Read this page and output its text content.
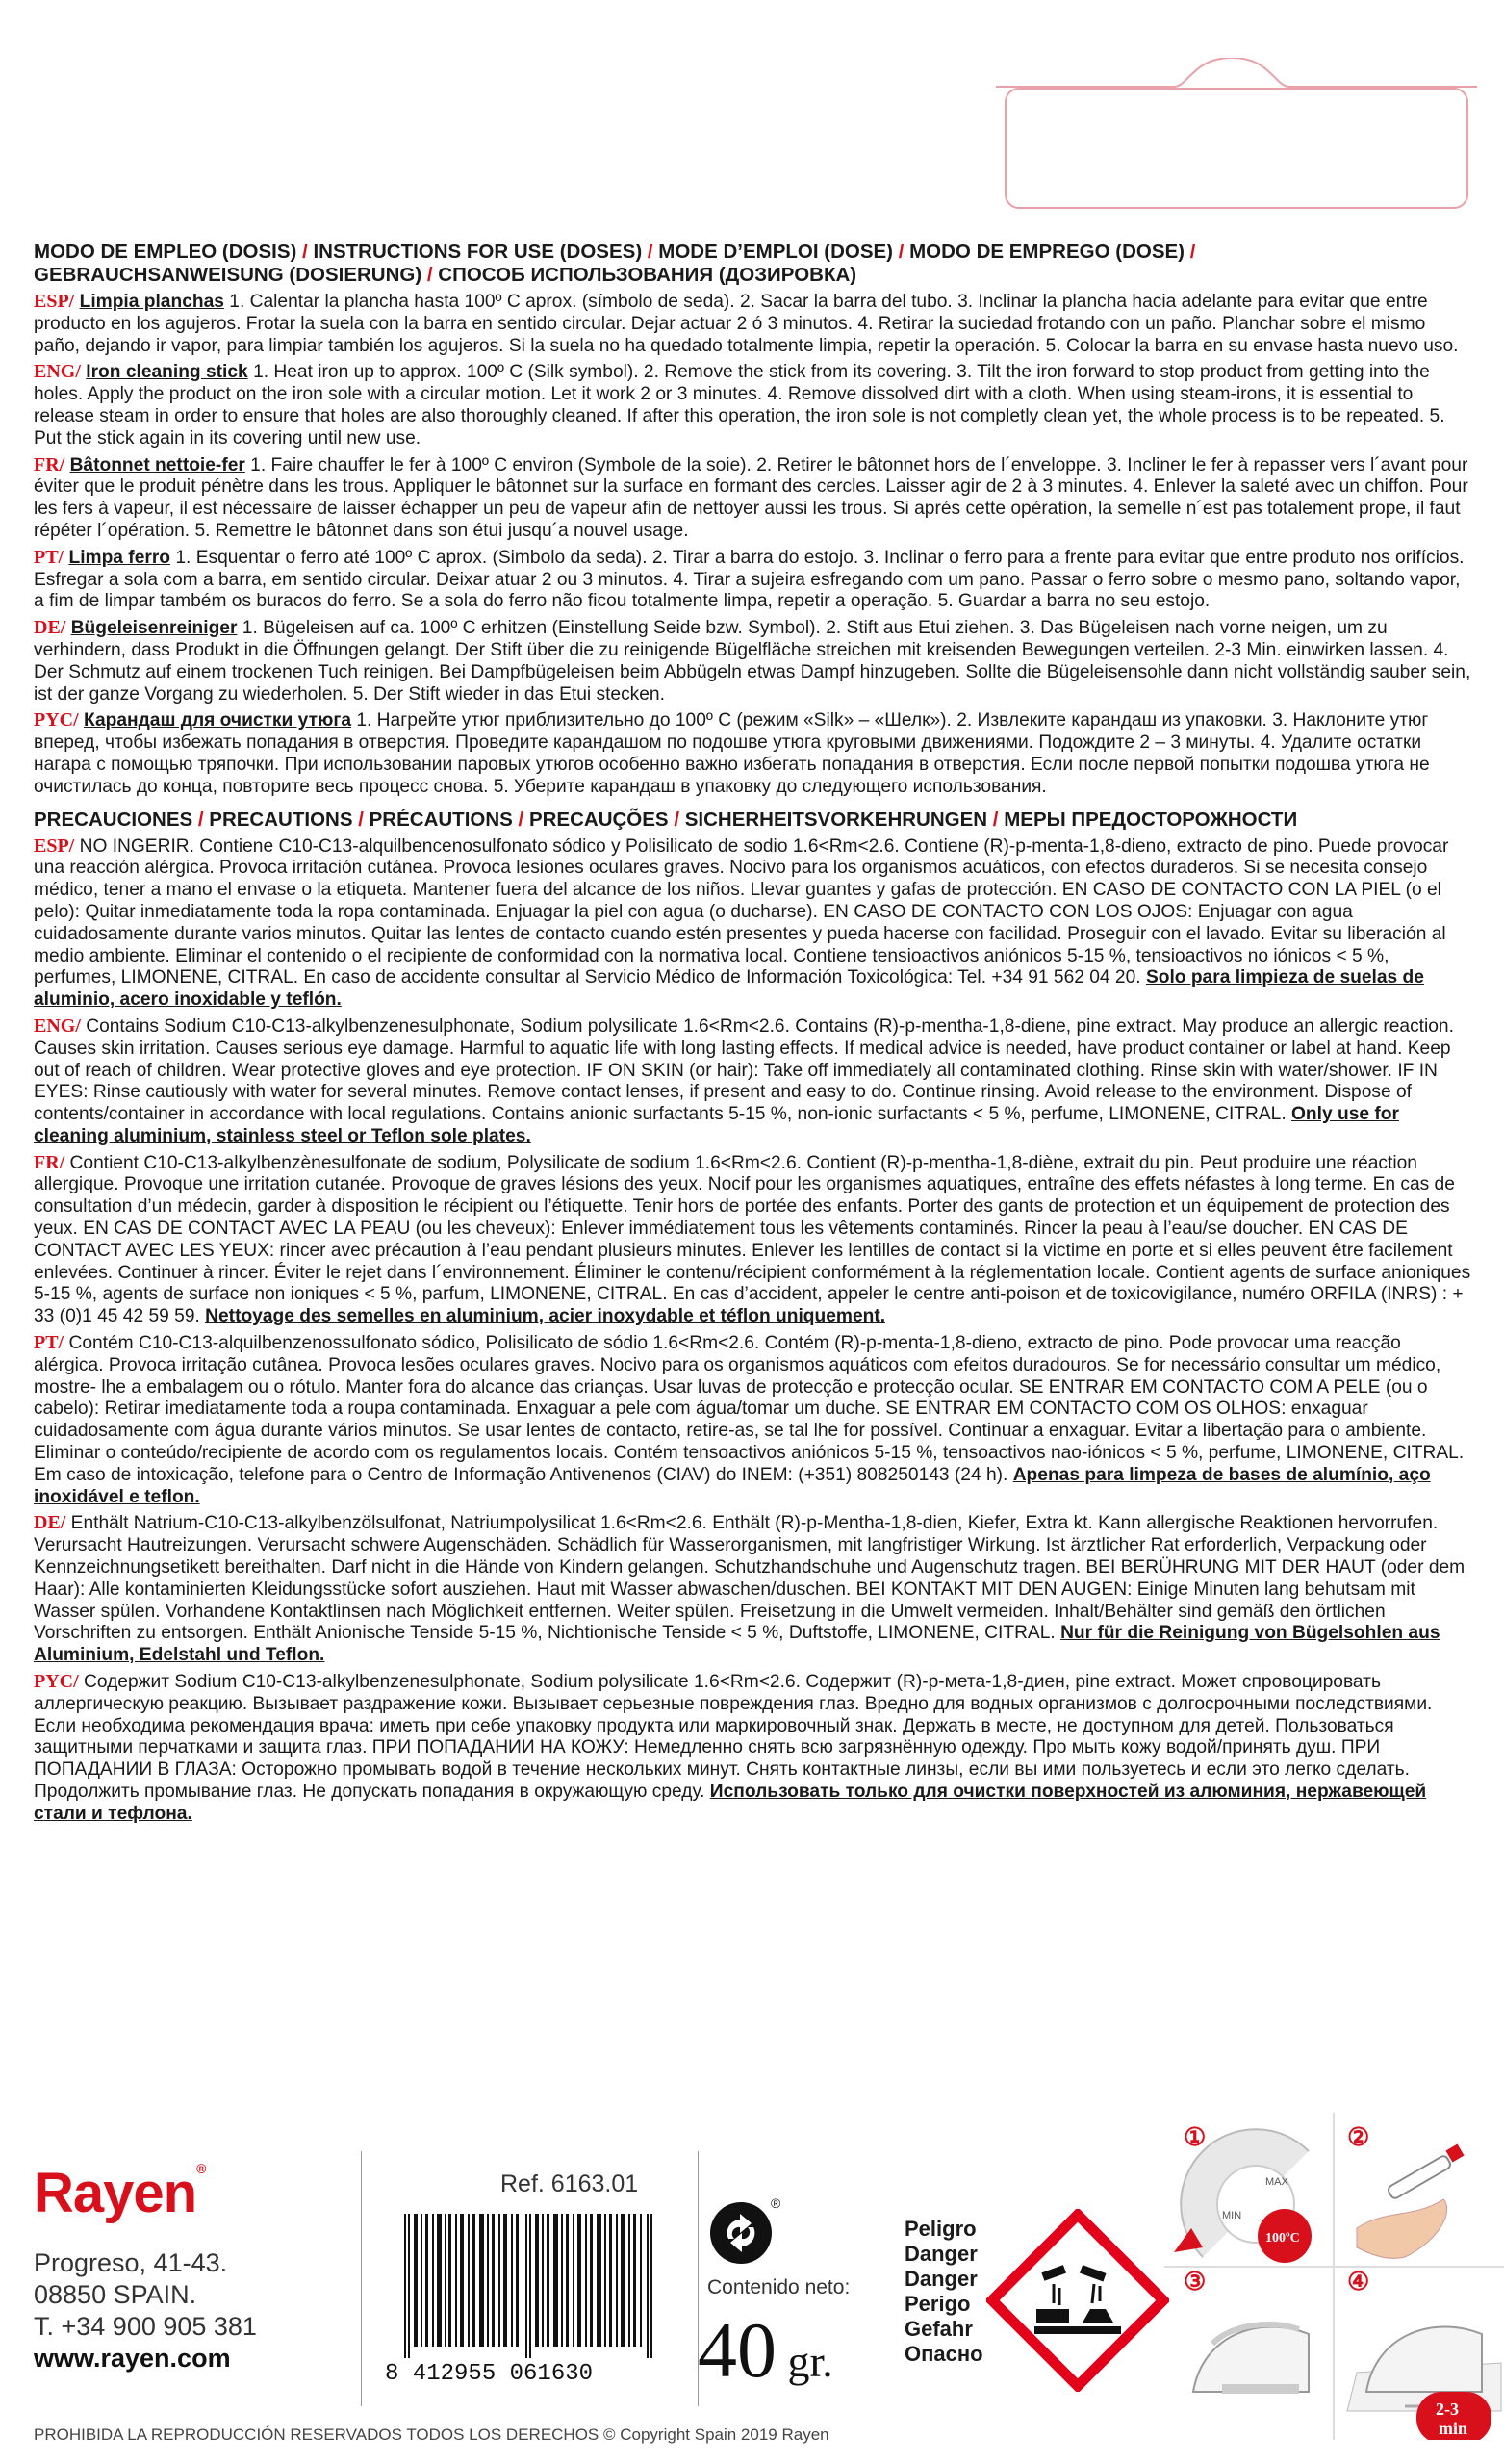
MODO DE EMPLEO (DOSIS) / INSTRUCTIONS FOR USE (DOSES) / MODE D’EMPLOI (DOSE) / MODO DE EMPREGO (DOSE) /
GEBRAUCHSANWEISUNG (DOSIERUNG) / СПОСОБ ИСПОЛЬЗОВАНИЯ (ДОЗИРОВКА)

ESP/ Limpia planchas 1. Calentar la plancha hasta 100º C aprox. (símbolo de seda). 2. Sacar la barra del tubo. 3. Inclinar la plancha hacia adelante para evitar que entre producto en los agujeros. Frotar la suela con la barra en sentido circular. Dejar actuar 2 ó 3 minutos. 4. Retirar la suciedad frotando con un paño. Planchar sobre el mismo paño, dejando ir vapor, para limpiar también los agujeros. Si la suela no ha quedado totalmente limpia, repetir la operación. 5. Colocar la barra en su envase hasta nuevo uso.

ENG/ Iron cleaning stick 1. Heat iron up to approx. 100º C (Silk symbol). 2. Remove the stick from its covering. 3. Tilt the iron forward to stop product from getting into the holes. Apply the product on the iron sole with a circular motion. Let it work 2 or 3 minutes. 4. Remove dissolved dirt with a cloth. When using steam-irons, it is essential to release steam in order to ensure that holes are also thoroughly cleaned. If after this operation, the iron sole is not completly clean yet, the whole process is to be repeated. 5. Put the stick again in its covering until new use.

FR/ Bâtonnet nettoie-fer 1. Faire chauffer le fer à 100º C environ (Symbole de la soie). 2. Retirer le bâtonnet hors de l´enveloppe. 3. Incliner le fer à repasser vers l´avant pour éviter que le produit pénètre dans les trous. Appliquer le bâtonnet sur la surface en formant des cercles. Laisser agir de 2 à 3 minutes. 4. Enlever la saleté avec un chiffon. Pour les fers à vapeur, il est nécessaire de laisser échapper un peu de vapeur afin de nettoyer aussi les trous. Si aprés cette opération, la semelle n´est pas totalement prope, il faut répéter l´opération. 5. Remettre le bâtonnet dans son étui jusqu´a nouvel usage.

PT/ Limpa ferro 1. Esquentar o ferro até 100º C aprox. (Simbolo da seda). 2. Tirar a barra do estojo. 3. Inclinar o ferro para a frente para evitar que entre produto nos orifícios. Esfregar a sola com a barra, em sentido circular. Deixar atuar 2 ou 3 minutos. 4. Tirar a sujeira esfregando com um pano. Passar o ferro sobre o mesmo pano, soltando vapor, a fim de limpar também os buracos do ferro. Se a sola do ferro não ficou totalmente limpa, repetir a operação. 5. Guardar a barra no seu estojo.

DE/ Bügeleisenreiniger 1. Bügeleisen auf ca. 100º C erhitzen (Einstellung Seide bzw. Symbol). 2. Stift aus Etui ziehen. 3. Das Bügeleisen nach vorne neigen, um zu verhindern, dass Produkt in die Öffnungen gelangt. Der Stift über die zu reinigende Bügelfläche streichen mit kreisenden Bewegungen verteilen. 2-3 Min. einwirken lassen. 4. Der Schmutz auf einem trockenen Tuch reinigen. Bei Dampfbügeleisen beim Abbügeln etwas Dampf hinzugeben. Sollte die Bügeleisensohle dann nicht vollständig sauber sein, ist der ganze Vorgang zu wiederholen. 5. Der Stift wieder in das Etui stecken.

PYC/ Карандаш для очистки утюга 1. Нагрейте утюг приблизительно до 100º С (режим «Silk» – «Шелк»). 2. Извлеките карандаш из упаковки. 3. Наклоните утюг вперед, чтобы избежать попадания в отверстия. Проведите карандашом по подошве утюга круговыми движениями. Подождите 2 – 3 минуты. 4. Удалите остатки нагара с помощью тряпочки. При использовании паровых утюгов особенно важно избегать попадания в отверстия. Если после первой попытки подошва утюга не очистилась до конца, повторите весь процесс снова. 5. Уберите карандаш в упаковку до следующего использования.

PRECAUCIONES / PRECAUTIONS / PRÉCAUTIONS / PRECAUÇÕES / SICHERHEITSVORKEHRUNGEN / МЕРЫ ПРЕДОСТОРОЖНОСТИ

ESP/ NO INGERIR. Contiene C10-C13-alquilbencenosulfonato sódico y Polisilicato de sodio 1.6<Rm<2.6. Contiene (R)-p-menta-1,8-dieno, extracto de pino. Puede provocar una reacción alérgica. Provoca irritación cutánea. Provoca lesiones oculares graves. Nocivo para los organismos acuáticos, con efectos duraderos. Si se necesita consejo médico, tener a mano el envase o la etiqueta. Mantener fuera del alcance de los niños. Llevar guantes y gafas de protección. EN CASO DE CONTACTO CON LA PIEL (o el pelo): Quitar inmediatamente toda la ropa contaminada. Enjuagar la piel con agua (o ducharse). EN CASO DE CONTACTO CON LOS OJOS: Enjuagar con agua cuidadosamente durante varios minutos. Quitar las lentes de contacto cuando estén presentes y pueda hacerse con facilidad. Proseguir con el lavado. Evitar su liberación al medio ambiente. Eliminar el contenido o el recipiente de conformidad con la normativa local. Contiene tensioactivos aniónicos 5-15 %, tensioactivos no iónicos < 5 %, perfumes, LIMONENE, CITRAL. En caso de accidente consultar al Servicio Médico de Información Toxicológica: Tel. +34 91 562 04 20. Solo para limpieza de suelas de aluminio, acero inoxidable y teflón.

ENG/ Contains Sodium C10-C13-alkylbenzenesulphonate, Sodium polysilicate 1.6<Rm<2.6. Contains (R)-p-mentha-1,8-diene, pine extract. May produce an allergic reaction. Causes skin irritation. Causes serious eye damage. Harmful to aquatic life with long lasting effects. If medical advice is needed, have product container or label at hand. Keep out of reach of children. Wear protective gloves and eye protection. IF ON SKIN (or hair): Take off immediately all contaminated clothing. Rinse skin with water/shower. IF IN EYES: Rinse cautiously with water for several minutes. Remove contact lenses, if present and easy to do. Continue rinsing. Avoid release to the environment. Dispose of contents/container in accordance with local regulations. Contains anionic surfactants 5-15 %, non-ionic surfactants < 5 %, perfume, LIMONENE, CITRAL. Only use for cleaning aluminium, stainless steel or Teflon sole plates.

FR/ Contient C10-C13-alkylbenzènesulfonate de sodium, Polysilicate de sodium 1.6<Rm<2.6. Contient (R)-p-mentha-1,8-diène, extrait du pin. Peut produire une réaction allergique. Provoque une irritation cutanée. Provoque de graves lésions des yeux. Nocif pour les organismes aquatiques, entraîne des effets néfastes à long terme. En cas de consultation d’un médecin, garder à disposition le récipient ou l’étiquette. Tenir hors de portée des enfants. Porter des gants de protection et un équipement de protection des yeux. EN CAS DE CONTACT AVEC LA PEAU (ou les cheveux): Enlever immédiatement tous les vêtements contaminés. Rincer la peau à l’eau/se doucher. EN CAS DE CONTACT AVEC LES YEUX: rincer avec précaution à l’eau pendant plusieurs minutes. Enlever les lentilles de contact si la victime en porte et si elles peuvent être facilement enlevées. Continuer à rincer. Éviter le rejet dans l´environnement. Éliminer le contenu/récipient conformément à la réglementation locale. Contient agents de surface anioniques 5-15 %, agents de surface non ioniques < 5 %, parfum, LIMONENE, CITRAL. En cas d’accident, appeler le centre anti-poison et de toxicovigilance, numéro ORFILA (INRS) : + 33 (0)1 45 42 59 59. Nettoyage des semelles en aluminium, acier inoxydable et téflon uniquement.

PT/ Contém C10-C13-alquilbenzenossulfonato sódico, Polisilicato de sódio 1.6<Rm<2.6. Contém (R)-p-menta-1,8-dieno, extracto de pino. Pode provocar uma reacção alérgica. Provoca irritação cutânea. Provoca lesões oculares graves. Nocivo para os organismos aquáticos com efeitos duradouros. Se for necessário consultar um médico, mostre- lhe a embalagem ou o rótulo. Manter fora do alcance das crianças. Usar luvas de protecção e protecção ocular. SE ENTRAR EM CONTACTO COM A PELE (ou o cabelo): Retirar imediatamente toda a roupa contaminada. Enxaguar a pele com água/tomar um duche. SE ENTRAR EM CONTACTO COM OS OLHOS: enxaguar cuidadosamente com água durante vários minutos. Se usar lentes de contacto, retire-as, se tal lhe for possível. Continuar a enxaguar. Evitar a libertação para o ambiente. Eliminar o conteúdo/recipiente de acordo com os regulamentos locais. Contém tensoactivos aniónicos 5-15 %, tensoactivos nao-iónicos < 5 %, perfume, LIMONENE, CITRAL. Em caso de intoxicação, telefone para o Centro de Informação Antivenenos (CIAV) do INEM: (+351) 808250143 (24 h). Apenas para limpeza de bases de alumínio, aço inoxidável e teflon.

DE/ Enthält Natrium-C10-C13-alkylbenzölsulfonat, Natriumpolysilicat 1.6<Rm<2.6. Enthält (R)-p-Mentha-1,8-dien, Kiefer, Extra kt. Kann allergische Reaktionen hervorrufen. Verursacht Hautreizungen. Verursacht schwere Augenschäden. Schädlich für Wasserorganismen, mit langfristiger Wirkung. Ist ärztlicher Rat erforderlich, Verpackung oder Kennzeichnungsetikett bereithalten. Darf nicht in die Hände von Kindern gelangen. Schutzhandschuhe und Augenschutz tragen. BEI BERÜHRUNG MIT DER HAUT (oder dem Haar): Alle kontaminierten Kleidungsstücke sofort ausziehen. Haut mit Wasser abwaschen/duschen. BEI KONTAKT MIT DEN AUGEN: Einige Minuten lang behutsam mit Wasser spülen. Vorhandene Kontaktlinsen nach Möglichkeit entfernen. Weiter spülen. Freisetzung in die Umwelt vermeiden. Inhalt/Behälter sind gemäß den örtlichen Vorschriften zu entsorgen. Enthält Anionische Tenside 5-15 %, Nichtionische Tenside < 5 %, Duftstoffe, LIMONENE, CITRAL. Nur für die Reinigung von Bügelsohlen aus Aluminium, Edelstahl und Teflon.

PYC/ Содержит Sodium C10-C13-alkylbenzenesulphonate, Sodium polysilicate 1.6<Rm<2.6. Содержит (R)-p-мета-1,8-диен, pine extract. Может спровоцировать аллергическую реакцию. Вызывает раздражение кожи. Вызывает серьезные повреждения глаз. Вредно для водных организмов с долгосрочными последствиями. Если необходима рекомендация врача: иметь при себе упаковку продукта или маркировочный знак. Держать в месте, не доступном для детей. Пользоваться защитными перчатками и защита глаз. ПРИ ПОПАДАНИИ НА КОЖУ: Немедленно снять всю загрязнённую одежду. Про мыть кожу водой/принять душ. ПРИ ПОПАДАНИИ В ГЛАЗА: Осторожно промывать водой в течение нескольких минут. Снять контактные линзы, если вы ими пользуетесь и если это легко сделать. Продолжить промывание глаз. Не допускать попадания в окружающую среду. Использовать только для очистки поверхностей из алюминия, нержавеющей стали и тефлона.

Rayen®
Progreso, 41-43.
08850 SPAIN.
T. +34 900 905 381
www.rayen.com
Ref. 6163.01
8 412955 061630
®
Contenido neto:
40 gr.
Peligro
Danger
Danger
Perigo
Gefahr
Опасно
①	②
③	④
MAX
MIN
100ºC
2-3
min
PROHIBIDA LA REPRODUCCIÓN RESERVADOS TODOS LOS DERECHOS © Copyright Spain 2019 Rayen
